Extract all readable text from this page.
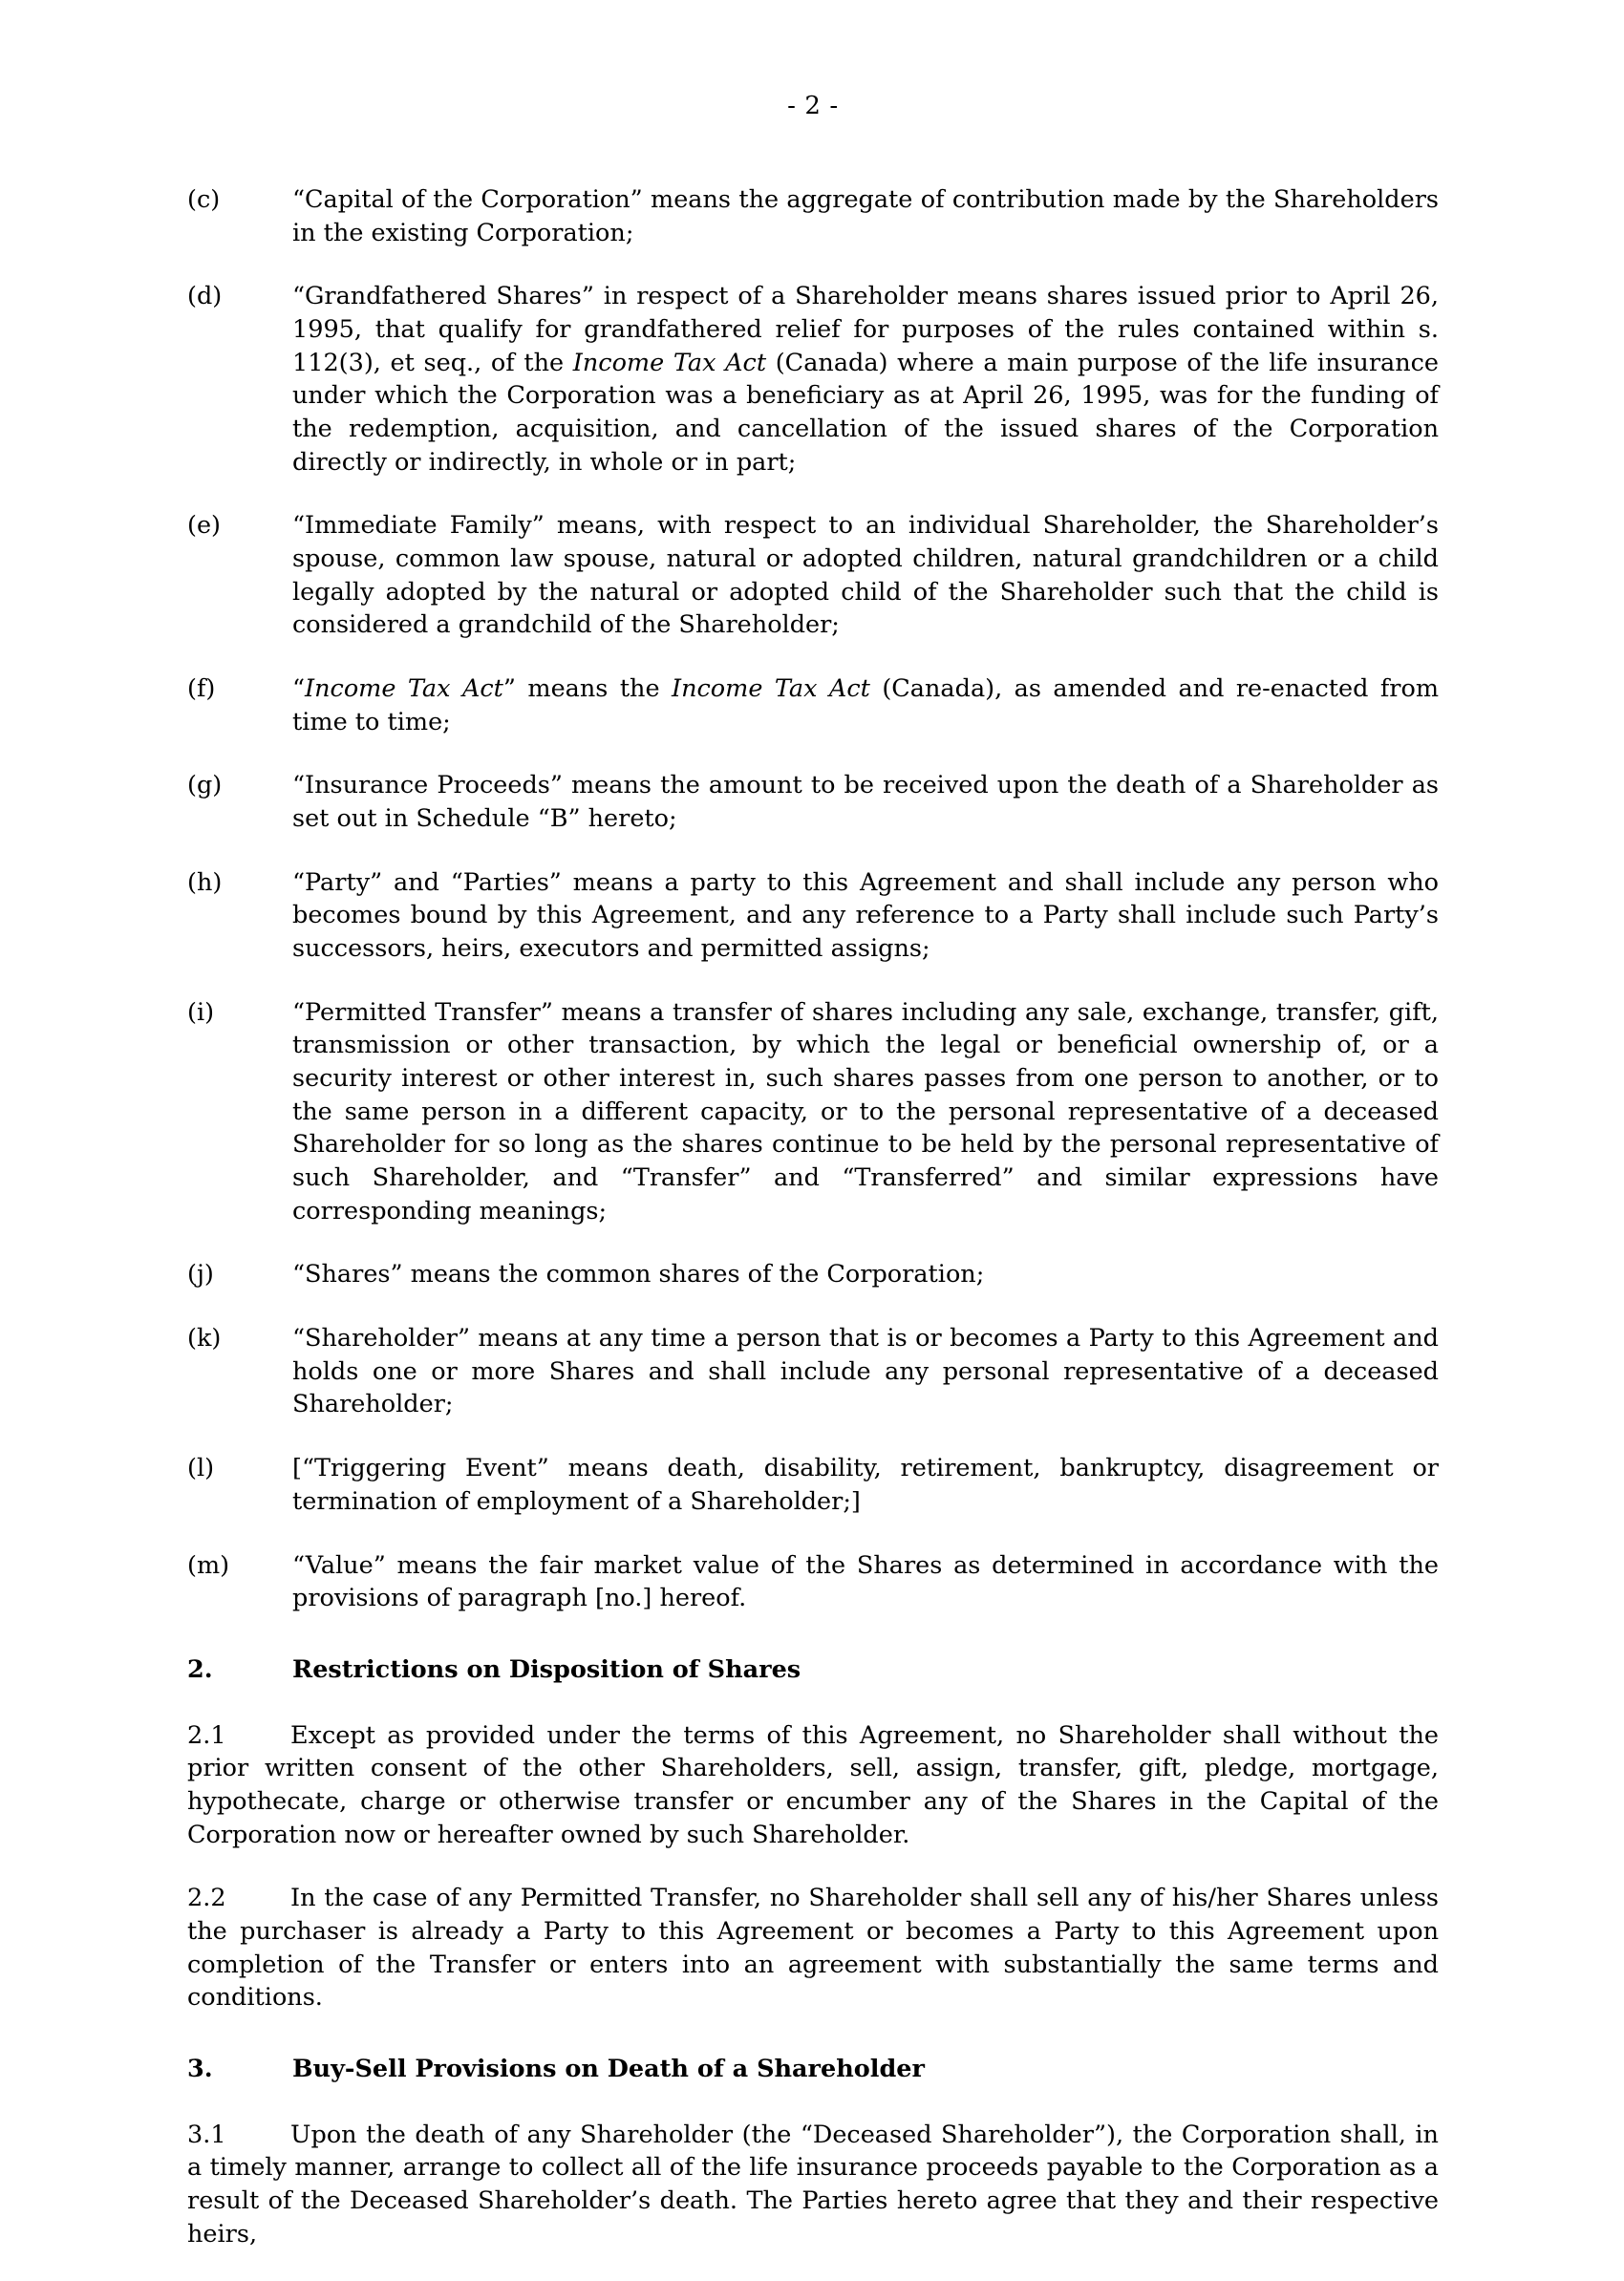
- 2 -
(c)	“Capital of the Corporation” means the aggregate of contribution made by the Shareholders in the existing Corporation;
(d)	“Grandfathered Shares” in respect of a Shareholder means shares issued prior to April 26, 1995, that qualify for grandfathered relief for purposes of the rules contained within s. 112(3), et seq., of the Income Tax Act (Canada) where a main purpose of the life insurance under which the Corporation was a beneficiary as at April 26, 1995, was for the funding of the redemption, acquisition, and cancellation of the issued shares of the Corporation directly or indirectly, in whole or in part;
(e)	“Immediate Family” means, with respect to an individual Shareholder, the Shareholder’s spouse, common law spouse, natural or adopted children, natural grandchildren or a child legally adopted by the natural or adopted child of the Shareholder such that the child is considered a grandchild of the Shareholder;
(f)	“Income Tax Act” means the Income Tax Act (Canada), as amended and re-enacted from time to time;
(g)	“Insurance Proceeds” means the amount to be received upon the death of a Shareholder as set out in Schedule “B” hereto;
(h)	“Party” and “Parties” means a party to this Agreement and shall include any person who becomes bound by this Agreement, and any reference to a Party shall include such Party’s successors, heirs, executors and permitted assigns;
(i)	“Permitted Transfer” means a transfer of shares including any sale, exchange, transfer, gift, transmission or other transaction, by which the legal or beneficial ownership of, or a security interest or other interest in, such shares passes from one person to another, or to the same person in a different capacity, or to the personal representative of a deceased Shareholder for so long as the shares continue to be held by the personal representative of such Shareholder, and “Transfer” and “Transferred” and similar expressions have corresponding meanings;
(j)	“Shares” means the common shares of the Corporation;
(k)	“Shareholder” means at any time a person that is or becomes a Party to this Agreement and holds one or more Shares and shall include any personal representative of a deceased Shareholder;
(l)	[“Triggering Event” means death, disability, retirement, bankruptcy, disagreement or termination of employment of a Shareholder;]
(m)	“Value” means the fair market value of the Shares as determined in accordance with the provisions of paragraph [no.] hereof.
2.	Restrictions on Disposition of Shares
2.1	Except as provided under the terms of this Agreement, no Shareholder shall without the prior written consent of the other Shareholders, sell, assign, transfer, gift, pledge, mortgage, hypothecate, charge or otherwise transfer or encumber any of the Shares in the Capital of the Corporation now or hereafter owned by such Shareholder.
2.2	In the case of any Permitted Transfer, no Shareholder shall sell any of his/her Shares unless the purchaser is already a Party to this Agreement or becomes a Party to this Agreement upon completion of the Transfer or enters into an agreement with substantially the same terms and conditions.
3.	Buy-Sell Provisions on Death of a Shareholder
3.1	Upon the death of any Shareholder (the “Deceased Shareholder”), the Corporation shall, in a timely manner, arrange to collect all of the life insurance proceeds payable to the Corporation as a result of the Deceased Shareholder’s death. The Parties hereto agree that they and their respective heirs,
